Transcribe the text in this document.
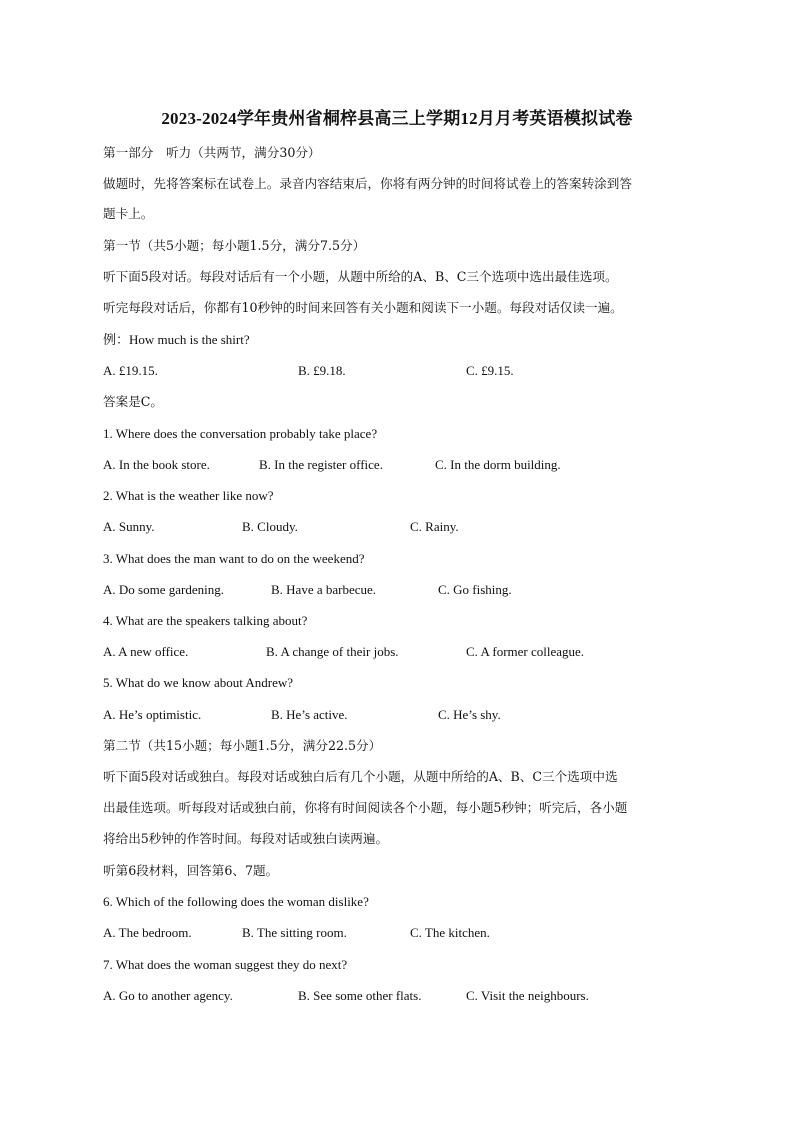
2023-2024学年贵州省桐梓县高三上学期12月月考英语模拟试卷
第一部分　听力（共两节，满分30分）
做题时，先将答案标在试卷上。录音内容结束后，你将有两分钟的时间将试卷上的答案转涂到答
题卡上。
第一节（共5小题；每小题1.5分，满分7.5分）
听下面5段对话。每段对话后有一个小题，从题中所给的A、B、C三个选项中选出最佳选项。
听完每段对话后，你都有10秒钟的时间来回答有关小题和阅读下一小题。每段对话仅读一遍。
例：How much is the shirt?
A. £19.15.	B. £9.18.	C. £9.15.
答案是C。
1. Where does the conversation probably take place?
A. In the book store.	B. In the register office.	C. In the dorm building.
2. What is the weather like now?
A. Sunny.	B. Cloudy.	C. Rainy.
3. What does the man want to do on the weekend?
A. Do some gardening.	B. Have a barbecue.	C. Go fishing.
4. What are the speakers talking about?
A. A new office.	B. A change of their jobs.	C. A former colleague.
5. What do we know about Andrew?
A. He’s optimistic.	B. He’s active.	C. He’s shy.
第二节（共15小题；每小题1.5分，满分22.5分）
听下面5段对话或独白。每段对话或独白后有几个小题，从题中所给的A、B、C三个选项中选
出最佳选项。听每段对话或独白前，你将有时间阅读各个小题，每小题5秒钟；听完后，各小题
将给出5秒钟的作答时间。每段对话或独白读两遍。
听第6段材料，回答第6、7题。
6. Which of the following does the woman dislike?
A. The bedroom.	B. The sitting room.	C. The kitchen.
7. What does the woman suggest they do next?
A. Go to another agency.	B. See some other flats.	C. Visit the neighbours.
